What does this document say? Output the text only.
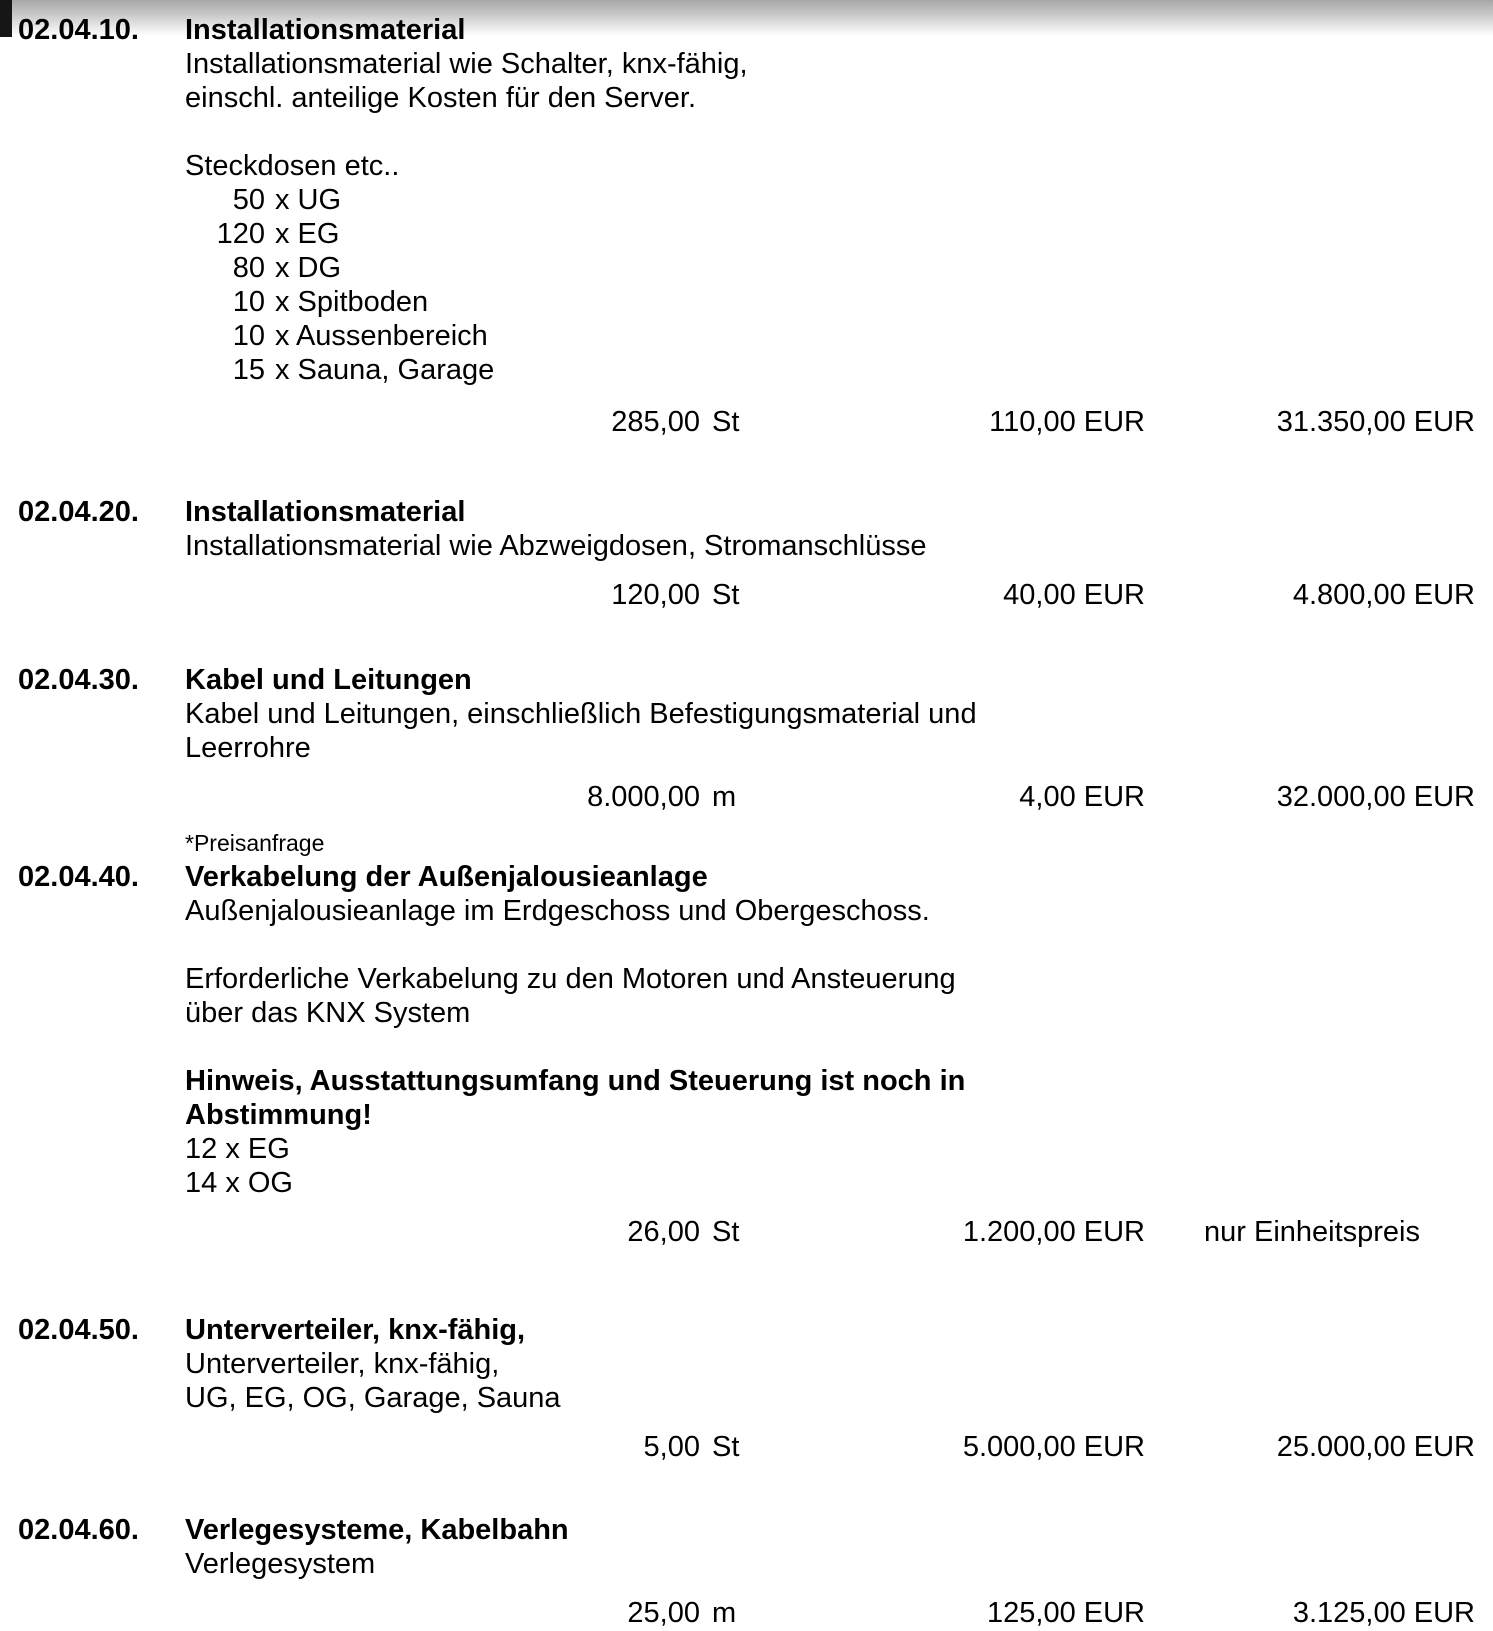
02.04.10. Installationsmaterial
Installationsmaterial wie Schalter, knx-fähig,
einschl. anteilige Kosten für den Server.
Steckdosen etc..
50 x UG
120 x EG
80 x DG
10 x Spitboden
10 x Aussenbereich
15 x Sauna, Garage
285,00 St	110,00 EUR	31.350,00 EUR
02.04.20. Installationsmaterial
Installationsmaterial wie Abzweigdosen, Stromanschlüsse
120,00 St	40,00 EUR	4.800,00 EUR
02.04.30. Kabel und Leitungen
Kabel und Leitungen, einschließlich Befestigungsmaterial und
Leerrohre
8.000,00 m	4,00 EUR	32.000,00 EUR
*Preisanfrage
02.04.40. Verkabelung der Außenjalousieanlage
Außenjalousieanlage im Erdgeschoss und Obergeschoss.
Erforderliche Verkabelung zu den Motoren und Ansteuerung
über das KNX System
Hinweis, Ausstattungsumfang und Steuerung ist noch in
Abstimmung!
12 x EG
14 x OG
26,00 St	1.200,00 EUR	nur Einheitspreis
02.04.50. Unterverteiler, knx-fähig,
Unterverteiler, knx-fähig,
UG, EG, OG, Garage, Sauna
5,00 St	5.000,00 EUR	25.000,00 EUR
02.04.60. Verlegesysteme, Kabelbahn
Verlegesystem
25,00 m	125,00 EUR	3.125,00 EUR
